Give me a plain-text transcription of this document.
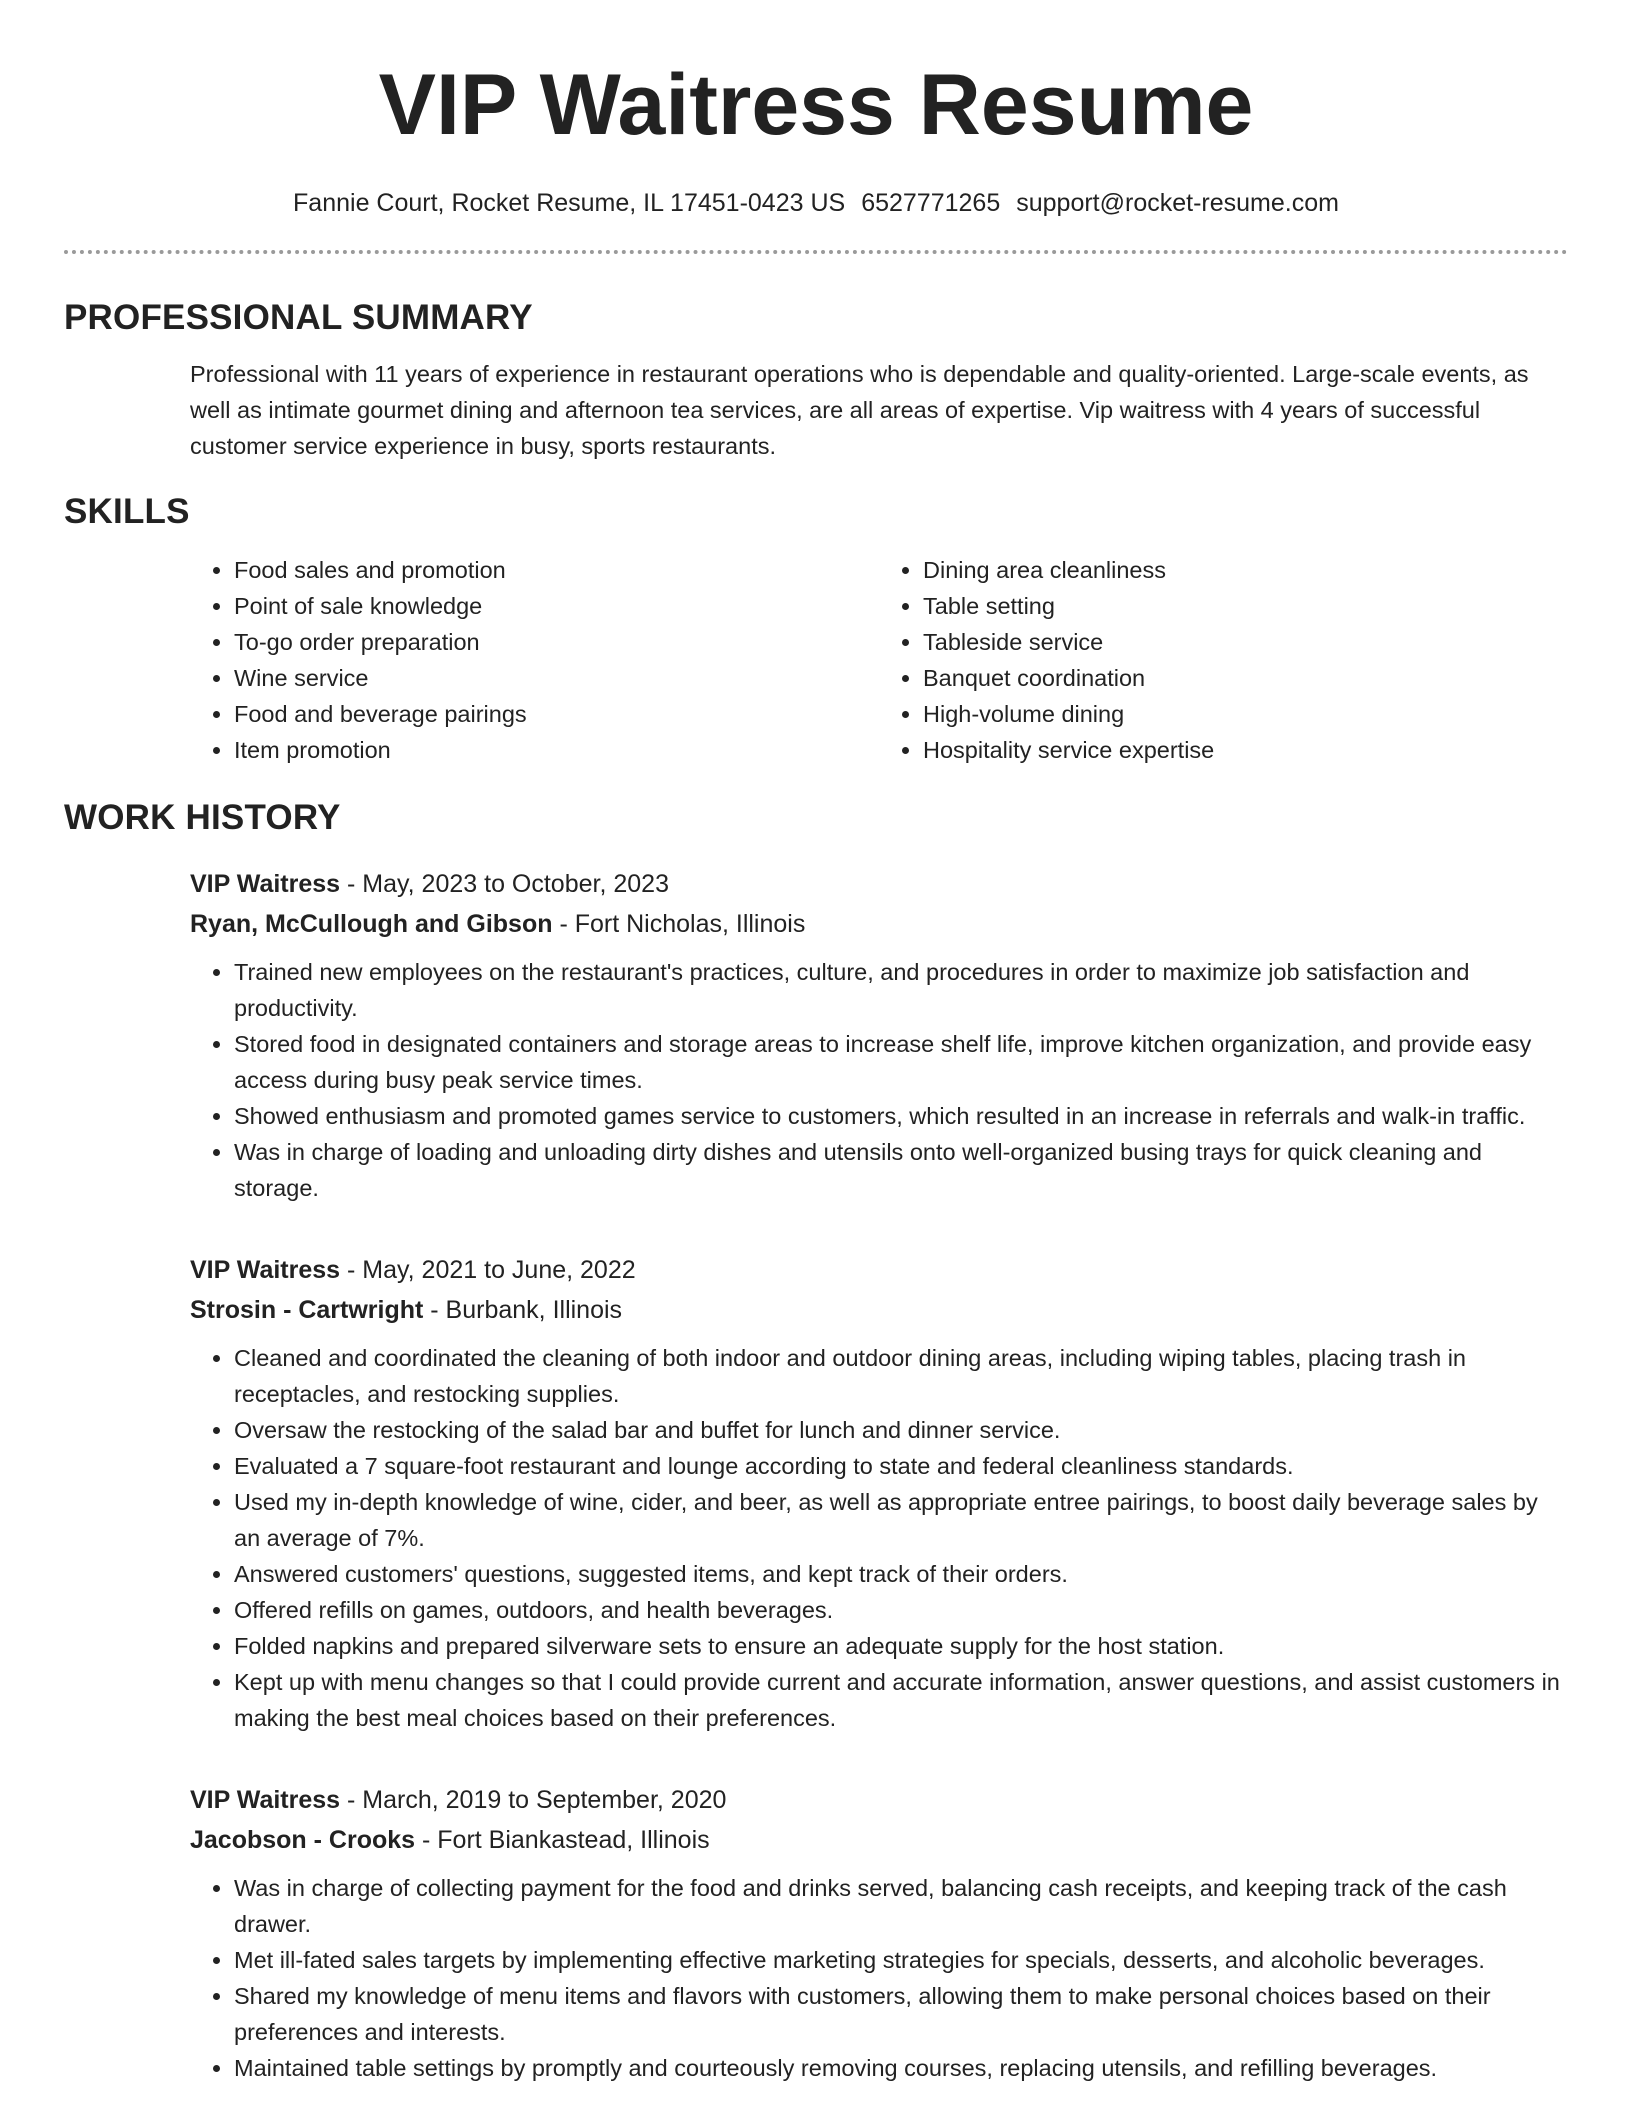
VIP Waitress Resume
Fannie Court, Rocket Resume, IL 17451-0423 US 6527771265 support@rocket-resume.com
PROFESSIONAL SUMMARY

Professional with 11 years of experience in restaurant operations who is dependable and quality-oriented. Large-scale events, as well as intimate gourmet dining and afternoon tea services, are all areas of expertise. Vip waitress with 4 years of successful customer service experience in busy, sports restaurants.

SKILLS
• Food sales and promotion
• Point of sale knowledge
• To-go order preparation
• Wine service
• Food and beverage pairings
• Item promotion
• Dining area cleanliness
• Table setting
• Tableside service
• Banquet coordination
• High-volume dining
• Hospitality service expertise
WORK HISTORY
VIP Waitress - May, 2023 to October, 2023
Ryan, McCullough and Gibson - Fort Nicholas, Illinois
• Trained new employees on the restaurant's practices, culture, and procedures in order to maximize job satisfaction and productivity.
• Stored food in designated containers and storage areas to increase shelf life, improve kitchen organization, and provide easy access during busy peak service times.
• Showed enthusiasm and promoted games service to customers, which resulted in an increase in referrals and walk-in traffic.
• Was in charge of loading and unloading dirty dishes and utensils onto well-organized busing trays for quick cleaning and storage.
VIP Waitress - May, 2021 to June, 2022
Strosin - Cartwright - Burbank, Illinois
• Cleaned and coordinated the cleaning of both indoor and outdoor dining areas, including wiping tables, placing trash in receptacles, and restocking supplies.
• Oversaw the restocking of the salad bar and buffet for lunch and dinner service.
• Evaluated a 7 square-foot restaurant and lounge according to state and federal cleanliness standards.
• Used my in-depth knowledge of wine, cider, and beer, as well as appropriate entree pairings, to boost daily beverage sales by an average of 7%.
• Answered customers' questions, suggested items, and kept track of their orders.
• Offered refills on games, outdoors, and health beverages.
• Folded napkins and prepared silverware sets to ensure an adequate supply for the host station.
• Kept up with menu changes so that I could provide current and accurate information, answer questions, and assist customers in making the best meal choices based on their preferences.
VIP Waitress - March, 2019 to September, 2020
Jacobson - Crooks - Fort Biankastead, Illinois
• Was in charge of collecting payment for the food and drinks served, balancing cash receipts, and keeping track of the cash drawer.
• Met ill-fated sales targets by implementing effective marketing strategies for specials, desserts, and alcoholic beverages.
• Shared my knowledge of menu items and flavors with customers, allowing them to make personal choices based on their preferences and interests.
• Maintained table settings by promptly and courteously removing courses, replacing utensils, and refilling beverages.
